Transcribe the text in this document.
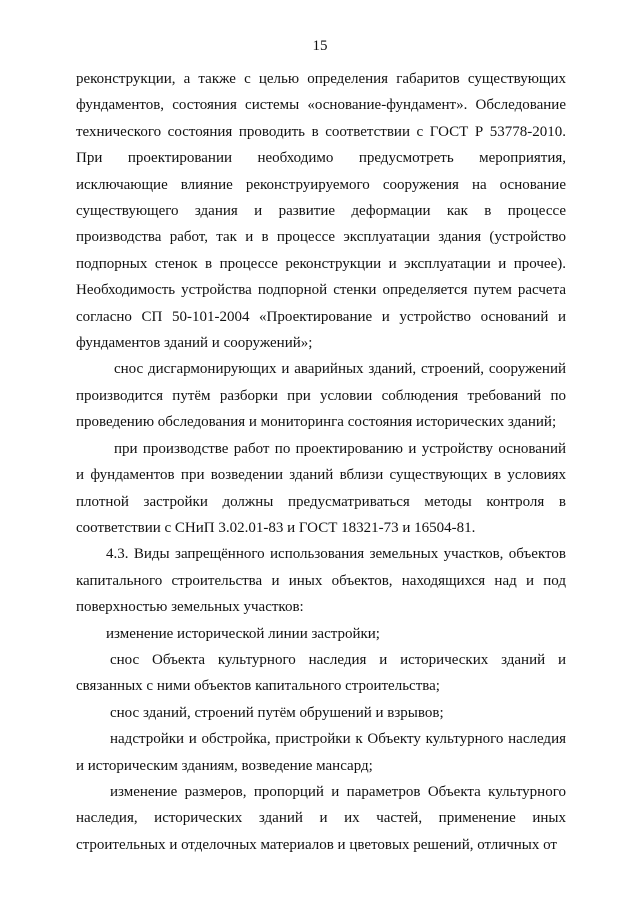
15

реконструкции, а также с целью определения габаритов существующих фундаментов, состояния системы «основание-фундамент». Обследование технического состояния проводить в соответствии с ГОСТ Р 53778-2010. При проектировании необходимо предусмотреть мероприятия, исключающие влияние реконструируемого сооружения на основание существующего здания и развитие деформации как в процессе производства работ, так и в процессе эксплуатации здания (устройство подпорных стенок в процессе реконструкции и эксплуатации и прочее). Необходимость устройства подпорной стенки определяется путем расчета согласно СП 50-101-2004 «Проектирование и устройство оснований и фундаментов зданий и сооружений»;

снос дисгармонирующих и аварийных зданий, строений, сооружений производится путём разборки при условии соблюдения требований по проведению обследования и мониторинга состояния исторических зданий;

при производстве работ по проектированию и устройству оснований и фундаментов при возведении зданий вблизи существующих в условиях плотной застройки должны предусматриваться методы контроля в соответствии с СНиП 3.02.01-83 и ГОСТ 18321-73 и 16504-81.

4.3. Виды запрещённого использования земельных участков, объектов капитального строительства и иных объектов, находящихся над и под поверхностью земельных участков:

изменение исторической линии застройки;

снос Объекта культурного наследия и исторических зданий и связанных с ними объектов капитального строительства;

снос зданий, строений путём обрушений и взрывов;

надстройки и обстройка, пристройки к Объекту культурного наследия и историческим зданиям, возведение мансард;

изменение размеров, пропорций и параметров Объекта культурного наследия, исторических зданий и их частей, применение иных строительных и отделочных материалов и цветовых решений, отличных от
